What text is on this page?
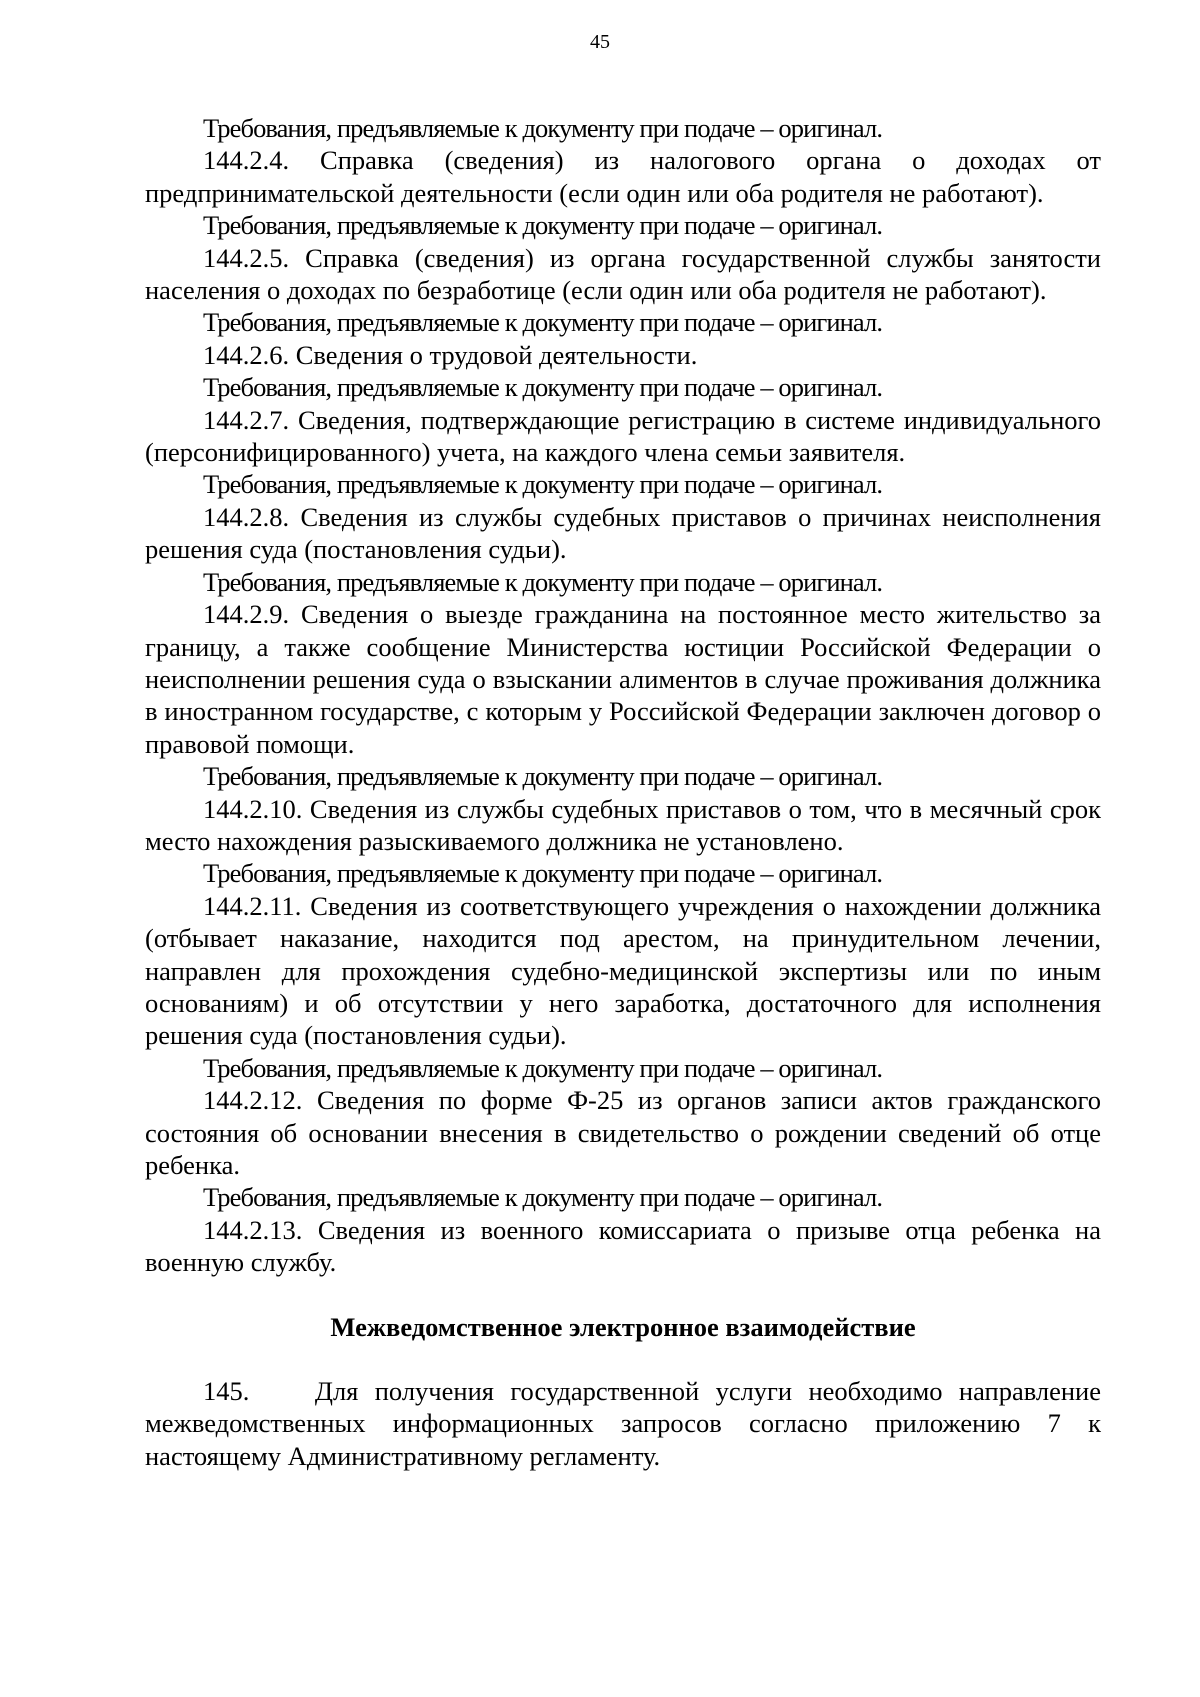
45

Требования, предъявляемые к документу при подаче – оригинал.

144.2.4. Справка (сведения) из налогового органа о доходах от предпринимательской деятельности (если один или оба родителя не работают).

Требования, предъявляемые к документу при подаче – оригинал.

144.2.5. Справка (сведения) из органа государственной службы занятости населения о доходах по безработице (если один или оба родителя не работают).

Требования, предъявляемые к документу при подаче – оригинал.

144.2.6. Сведения о трудовой деятельности.

Требования, предъявляемые к документу при подаче – оригинал.

144.2.7. Сведения, подтверждающие регистрацию в системе индивидуального (персонифицированного) учета, на каждого члена семьи заявителя.

Требования, предъявляемые к документу при подаче – оригинал.

144.2.8. Сведения из службы судебных приставов о причинах неисполнения решения суда (постановления судьи).

Требования, предъявляемые к документу при подаче – оригинал.

144.2.9. Сведения о выезде гражданина на постоянное место жительство за границу, а также сообщение Министерства юстиции Российской Федерации о неисполнении решения суда о взыскании алиментов в случае проживания должника в иностранном государстве, с которым у Российской Федерации заключен договор о правовой помощи.

Требования, предъявляемые к документу при подаче – оригинал.

144.2.10. Сведения из службы судебных приставов о том, что в месячный срок место нахождения разыскиваемого должника не установлено.

Требования, предъявляемые к документу при подаче – оригинал.

144.2.11. Сведения из соответствующего учреждения о нахождении должника (отбывает наказание, находится под арестом, на принудительном лечении, направлен для прохождения судебно-медицинской экспертизы или по иным основаниям) и об отсутствии у него заработка, достаточного для исполнения решения суда (постановления судьи).

Требования, предъявляемые к документу при подаче – оригинал.

144.2.12. Сведения по форме Ф-25 из органов записи актов гражданского состояния об основании внесения в свидетельство о рождении сведений об отце ребенка.

Требования, предъявляемые к документу при подаче – оригинал.

144.2.13. Сведения из военного комиссариата о призыве отца ребенка на военную службу.

Межведомственное электронное взаимодействие

145.    Для получения государственной услуги необходимо направление межведомственных информационных запросов согласно приложению 7 к настоящему Административному регламенту.
